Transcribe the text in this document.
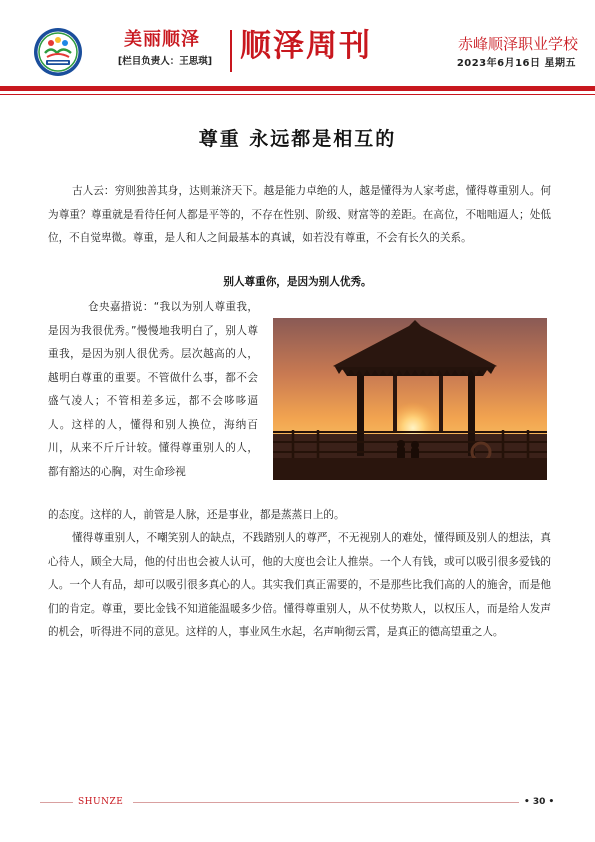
美丽顺泽
[栏目负责人：王思琪] 顺泽周刊	赤峰顺泽职业学校
2023年6月16日 星期五
尊重 永远都是相互的

古人云：穷则独善其身，达则兼济天下。越是能力卓绝的人，越是懂得为人家考虑，懂得尊重别人。何为尊重？尊重就是看待任何人都是平等的，不存在性别、阶级、财富等的差距。在高位，不咄咄逼人；处低位，不自觉卑微。尊重，是人和人之间最基本的真诚，如若没有尊重，不会有长久的关系。

别人尊重你，是因为别人优秀。

仓央嘉措说：“我以为别人尊重我，是因为我很优秀。”慢慢地我明白了，别人尊重我，是因为别人很优秀。层次越高的人，越明白尊重的重要。不管做什么事，都不会盛气凌人；不管相差多远，都不会哆哆逼人。这样的人，懂得和别人换位，海纳百川，从来不斤斤计较。懂得尊重别人的人，都有豁达的心胸，对生命珍视

的态度。这样的人，前管是人脉，还是事业，都是蒸蒸日上的。

懂得尊重别人，不嘲笑别人的缺点，不践踏别人的尊严，不无视别人的难处，懂得顾及别人的想法，真心待人，顾全大局，他的付出也会被人认可，他的大度也会让人推崇。一个人有钱，或可以吸引很多爱钱的人。一个人有品，却可以吸引很多真心的人。其实我们真正需要的，不是那些比我们高的人的施舍，而是他们的肯定。尊重，要比金钱不知道能温暖多少倍。懂得尊重别人，从不仗势欺人，以权压人，而是给人发声的机会，听得进不同的意见。这样的人，事业风生水起，名声响彻云霄，是真正的德高望重之人。

SHUNZE	• 30 •
